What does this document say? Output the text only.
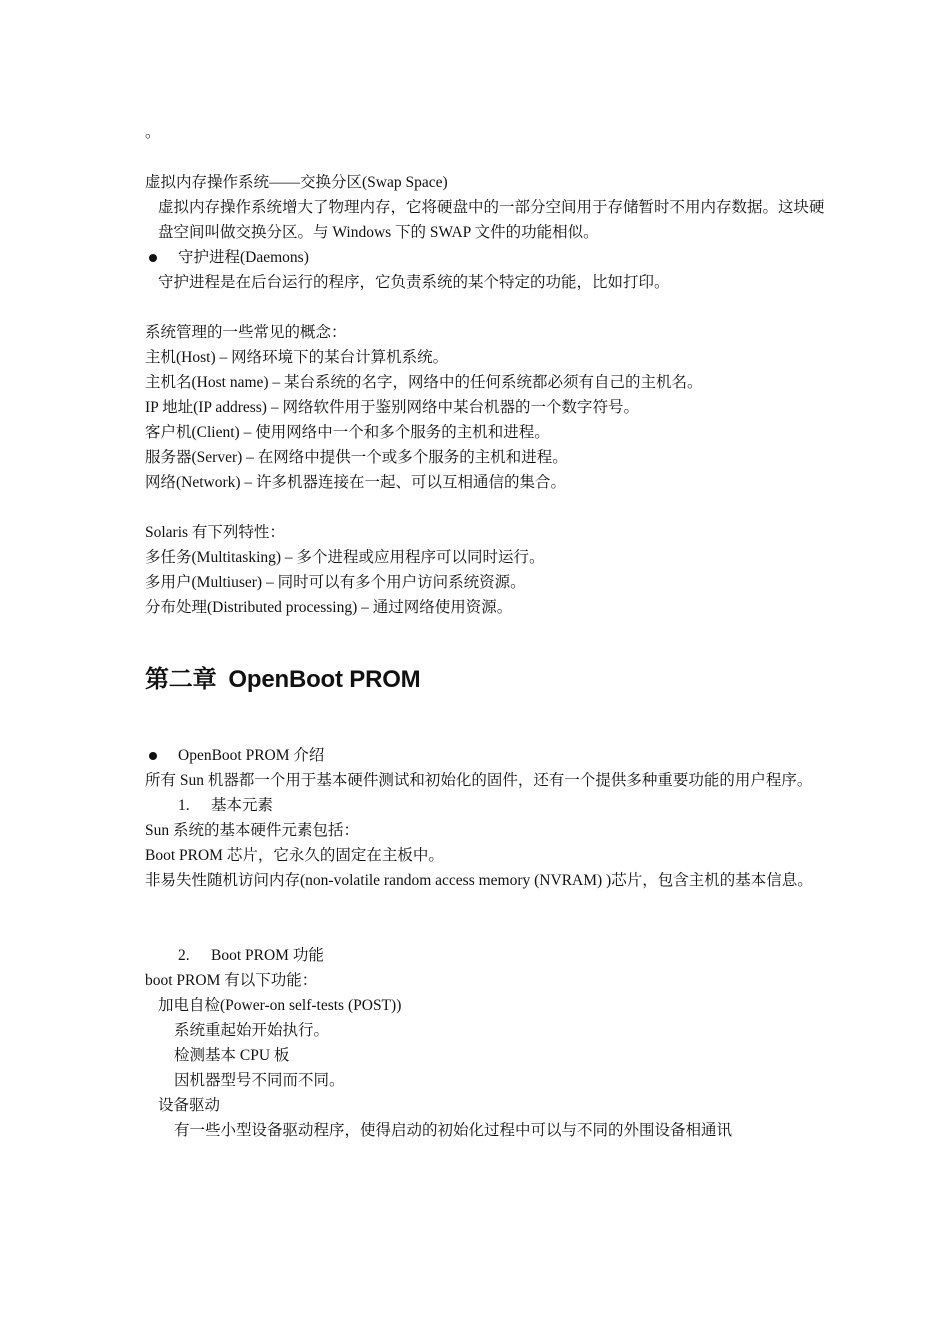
。
虚拟内存操作系统——交换分区(Swap Space)
虚拟内存操作系统增大了物理内存，它将硬盘中的一部分空间用于存储暂时不用内存数据。这块硬盘空间叫做交换分区。与 Windows 下的 SWAP 文件的功能相似。
守护进程(Daemons)
守护进程是在后台运行的程序，它负责系统的某个特定的功能，比如打印。
系统管理的一些常见的概念：
主机(Host) – 网络环境下的某台计算机系统。
主机名(Host name) – 某台系统的名字，网络中的任何系统都必须有自己的主机名。
IP 地址(IP address) – 网络软件用于鉴别网络中某台机器的一个数字符号。
客户机(Client) – 使用网络中一个和多个服务的主机和进程。
服务器(Server) – 在网络中提供一个或多个服务的主机和进程。
网络(Network) – 许多机器连接在一起、可以互相通信的集合。
Solaris 有下列特性：
多任务(Multitasking) – 多个进程或应用程序可以同时运行。
多用户(Multiuser) – 同时可以有多个用户访问系统资源。
分布处理(Distributed processing) – 通过网络使用资源。
第二章 OpenBoot PROM
OpenBoot PROM 介绍
所有 Sun 机器都一个用于基本硬件测试和初始化的固件，还有一个提供多种重要功能的用户程序。
1. 基本元素
Sun 系统的基本硬件元素包括：
Boot PROM 芯片，它永久的固定在主板中。
非易失性随机访问内存(non-volatile random access memory (NVRAM) )芯片，包含主机的基本信息。
2. Boot PROM 功能
boot PROM 有以下功能：
加电自检(Power-on self-tests (POST))
系统重起始开始执行。
检测基本 CPU 板
因机器型号不同而不同。
设备驱动
有一些小型设备驱动程序，使得启动的初始化过程中可以与不同的外围设备相通讯
